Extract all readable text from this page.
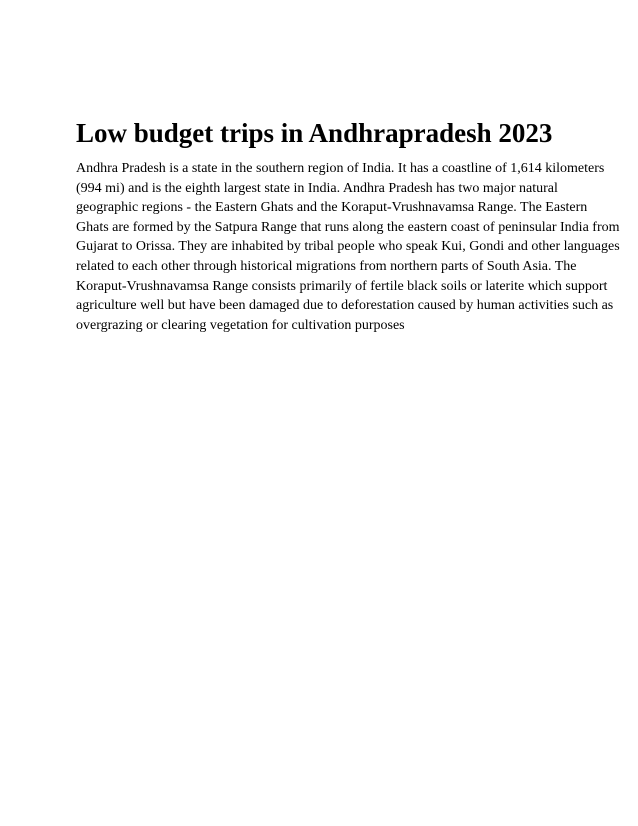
Low budget trips in Andhrapradesh 2023
Andhra Pradesh is a state in the southern region of India. It has a coastline of 1,614 kilometers
(994 mi) and is the eighth largest state in India. Andhra Pradesh has two major natural
geographic regions - the Eastern Ghats and the Koraput-Vrushnavamsa Range. The Eastern
Ghats are formed by the Satpura Range that runs along the eastern coast of peninsular India from
Gujarat to Orissa. They are inhabited by tribal people who speak Kui, Gondi and other languages
related to each other through historical migrations from northern parts of South Asia. The
Koraput-Vrushnavamsa Range consists primarily of fertile black soils or laterite which support
agriculture well but have been damaged due to deforestation caused by human activities such as
overgrazing or clearing vegetation for cultivation purposes
